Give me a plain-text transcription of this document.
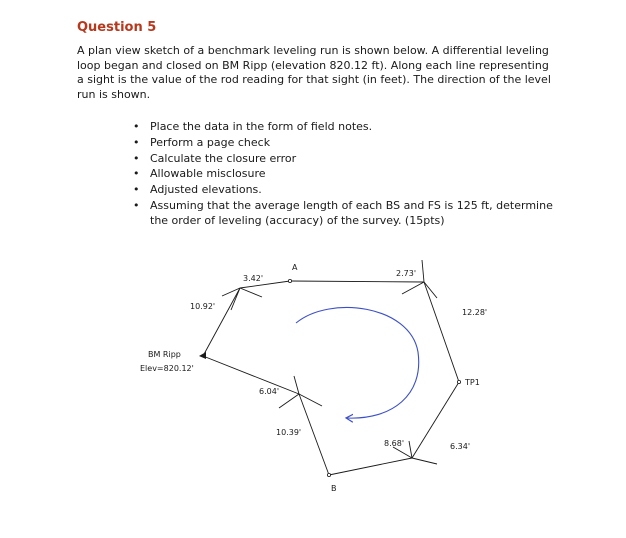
Question 5

A plan view sketch of a benchmark leveling run is shown below. A differential leveling loop began and closed on BM Ripp (elevation 820.12 ft). Along each line representing a sight is the value of the rod reading for that sight (in feet). The direction of the level run is shown.

• Place the data in the form of field notes.
• Perform a page check
• Calculate the closure error
• Allowable misclosure
• Adjusted elevations.
• Assuming that the average length of each BS and FS is 125 ft, determine the order of leveling (accuracy) of the survey. (15pts)
A
B
TP1
BM Ripp
Elev=820.12'
10.92'
3.42'
2.73'
12.28'
6.04'
10.39'
8.68'	6.34'
